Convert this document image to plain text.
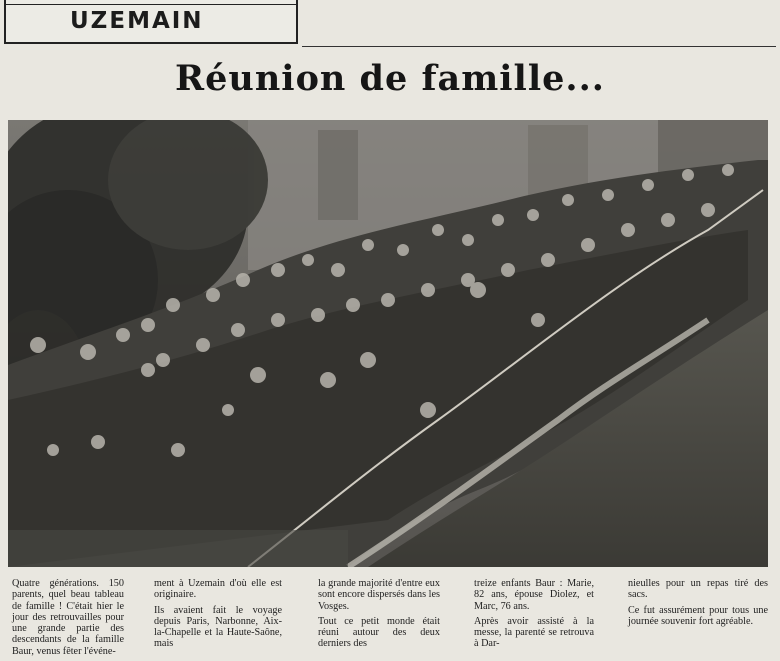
UZEMAIN
Réunion de famille...

Quatre générations. 150 parents, quel beau tableau de famille ! C'était hier le jour des retrouvailles pour une grande partie des descendants de la famille Baur, venus fêter l'événe-

ment à Uzemain d'où elle est originaire.

Ils avaient fait le voyage depuis Paris, Narbonne, Aix-la-Chapelle et la Haute-Saône, mais

la grande majorité d'entre eux sont encore dispersés dans les Vosges.

Tout ce petit monde était réuni autour des deux derniers des

treize enfants Baur : Marie, 82 ans, épouse Diolez, et Marc, 76 ans.

Après avoir assisté à la messe, la parenté se retrouva à Dar-

nieulles pour un repas tiré des sacs.

Ce fut assurément pour tous une journée souvenir fort agréable.
